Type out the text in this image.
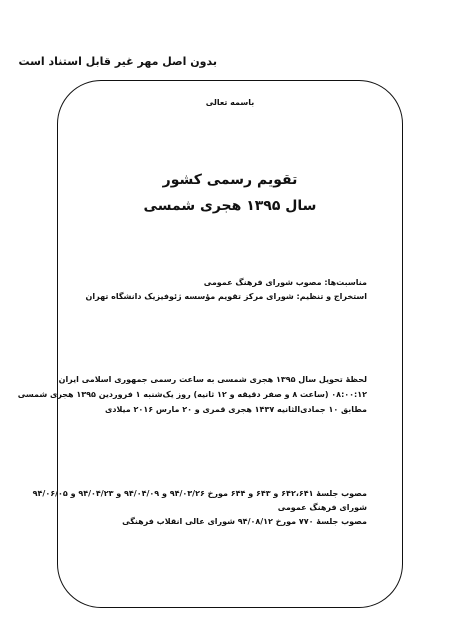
بدون اصل مهر غیر قابل استناد است
باسمه تعالی
تقویم رسمی کشور
سال ۱۳۹۵ هجری شمسی
مناسبت‌ها: مصوب شورای فرهنگ عمومی
استخراج و تنظیم: شورای مرکز تقویم مؤسسه ژئوفیزیک دانشگاه تهران
لحظهٔ تحویل سال ۱۳۹۵ هجری شمسی به ساعت رسمی جمهوری اسلامی ایران
۰۸:۰۰:۱۲ (ساعت ۸ و صفر دقیقه و ۱۲ ثانیه) روز یک‌شنبه ۱ فروردین ۱۳۹۵ هجری شمسی
مطابق ۱۰ جمادی‌الثانیه ۱۴۳۷ هجری قمری و ۲۰ مارس ۲۰۱۶ میلادی
مصوب جلسهٔ ۶۴۲،۶۴۱ و ۶۴۳ و ۶۴۴ مورخ ۹۴/۰۳/۲۶ و ۹۴/۰۴/۰۹ و ۹۴/۰۴/۲۳ و ۹۴/۰۶/۰۵
شورای فرهنگ عمومی
مصوب جلسهٔ ۷۷۰ مورخ ۹۴/۰۸/۱۲ شورای عالی انقلاب فرهنگی
